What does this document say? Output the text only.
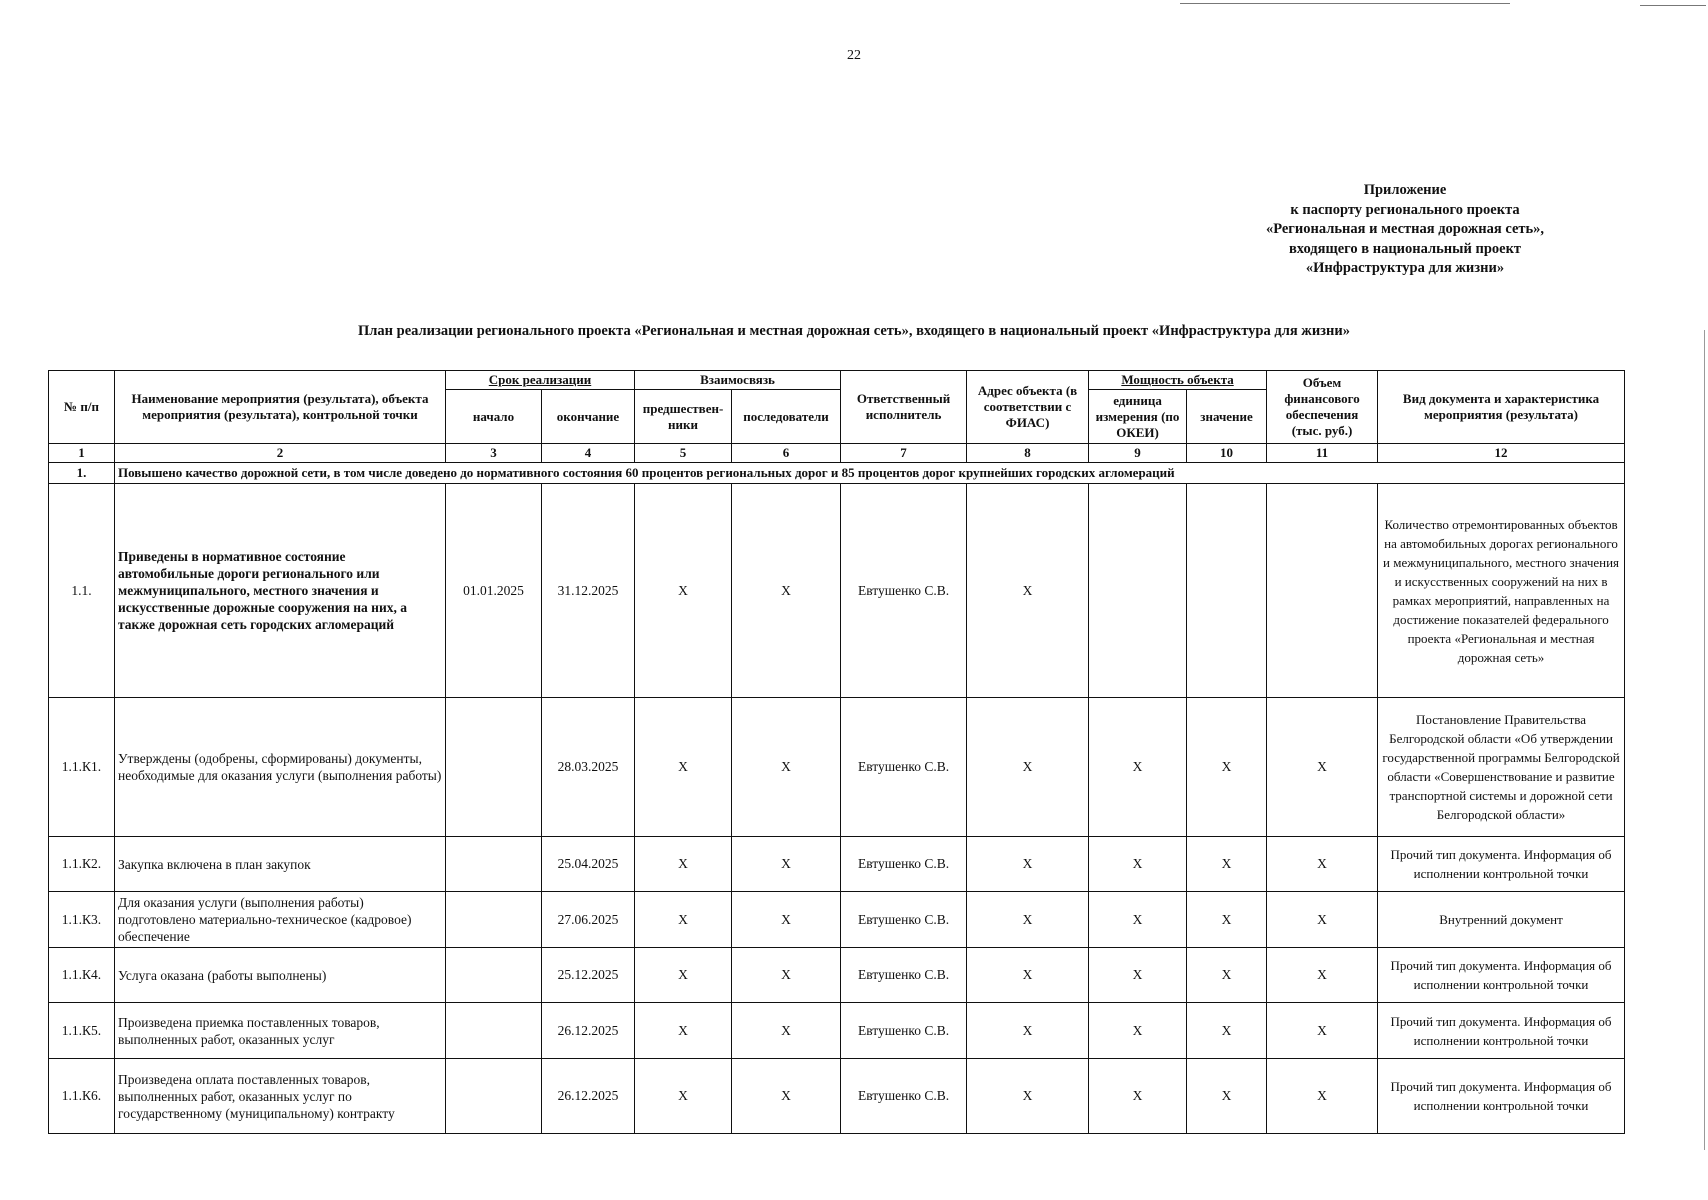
22
Приложение
к паспорту регионального проекта
«Региональная и местная дорожная сеть»,
входящего в национальный проект
«Инфраструктура для жизни»
План реализации регионального проекта «Региональная и местная дорожная сеть», входящего в национальный проект «Инфраструктура для жизни»
№ п/п	Наименование мероприятия (результата), объекта мероприятия (результата), контрольной точки	Срок реализации		Взаимосвязь		Ответственный исполнитель	Адрес объекта (в соответствии с ФИАС)	Мощность объекта		Объем финансового обеспечения (тыс. руб.)	Вид документа и характеристика мероприятия (результата)
		начало	окончание	предшествен-ники	последователи			единица измерения (по ОКЕИ)	значение		
1	2	3	4	5	6	7	8	9	10	11	12
1.	Повышено качество дорожной сети, в том числе доведено до нормативного состояния 60 процентов региональных дорог и 85 процентов дорог крупнейших городских агломераций										
1.1.	Приведены в нормативное состояние автомобильные дороги регионального или межмуниципального, местного значения и искусственные дорожные сооружения на них, а также дорожная сеть городских агломераций	01.01.2025	31.12.2025	X	X	Евтушенко С.В.	X				Количество отремонтированных объектов на автомобильных дорогах регионального и межмуниципального, местного значения и искусственных сооружений на них в рамках мероприятий, направленных на достижение показателей федерального проекта «Региональная и местная дорожная сеть»
1.1.К1.	Утверждены (одобрены, сформированы) документы, необходимые для оказания услуги (выполнения работы)		28.03.2025	X	X	Евтушенко С.В.	X	X	X	X	Постановление Правительства Белгородской области «Об утверждении государственной программы Белгородской области «Совершенствование и развитие транспортной системы и дорожной сети Белгородской области»
1.1.К2.	Закупка включена в план закупок		25.04.2025	X	X	Евтушенко С.В.	X	X	X	X	Прочий тип документа. Информация об исполнении контрольной точки
1.1.К3.	Для оказания услуги (выполнения работы) подготовлено материально-техническое (кадровое) обеспечение		27.06.2025	X	X	Евтушенко С.В.	X	X	X	X	Внутренний документ
1.1.К4.	Услуга оказана (работы выполнены)		25.12.2025	X	X	Евтушенко С.В.	X	X	X	X	Прочий тип документа. Информация об исполнении контрольной точки
1.1.К5.	Произведена приемка поставленных товаров, выполненных работ, оказанных услуг		26.12.2025	X	X	Евтушенко С.В.	X	X	X	X	Прочий тип документа. Информация об исполнении контрольной точки
1.1.К6.	Произведена оплата поставленных товаров, выполненных работ, оказанных услуг по государственному (муниципальному) контракту		26.12.2025	X	X	Евтушенко С.В.	X	X	X	X	Прочий тип документа. Информация об исполнении контрольной точки
